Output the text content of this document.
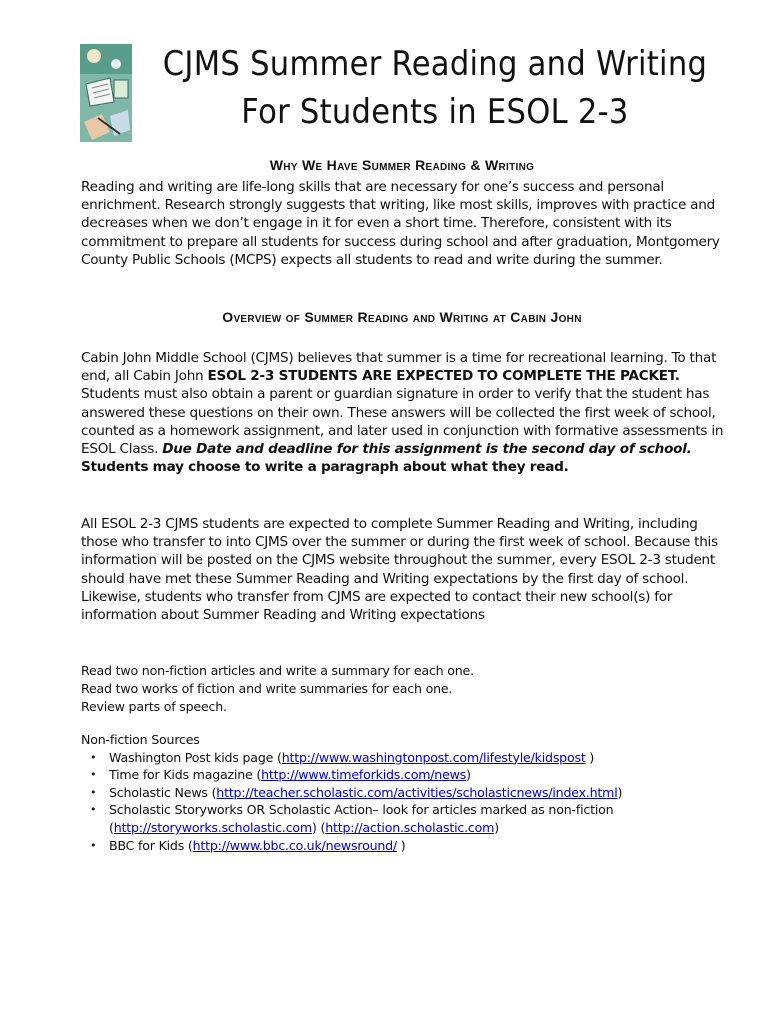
CJMS Summer Reading and Writing
For Students in ESOL 2-3
Why We Have Summer Reading & Writing

Reading and writing are life-long skills that are necessary for one’s success and personal enrichment. Research strongly suggests that writing, like most skills, improves with practice and decreases when we don’t engage in it for even a short time. Therefore, consistent with its commitment to prepare all students for success during school and after graduation, Montgomery County Public Schools (MCPS) expects all students to read and write during the summer.

Overview of Summer Reading and Writing at Cabin John

Cabin John Middle School (CJMS) believes that summer is a time for recreational learning. To that end, all Cabin John ESOL 2-3 STUDENTS ARE EXPECTED TO COMPLETE THE PACKET. Students must also obtain a parent or guardian signature in order to verify that the student has answered these questions on their own. These answers will be collected the first week of school, counted as a homework assignment, and later used in conjunction with formative assessments in ESOL Class. Due Date and deadline for this assignment is the second day of school. Students may choose to write a paragraph about what they read.

All ESOL 2-3 CJMS students are expected to complete Summer Reading and Writing, including those who transfer to into CJMS over the summer or during the first week of school. Because this information will be posted on the CJMS website throughout the summer, every ESOL 2-3 student should have met these Summer Reading and Writing expectations by the first day of school. Likewise, students who transfer from CJMS are expected to contact their new school(s) for information about Summer Reading and Writing expectations

Read two non-fiction articles and write a summary for each one.
Read two works of fiction and write summaries for each one.
Review parts of speech.
Non-fiction Sources
• Washington Post kids page (http://www.washingtonpost.com/lifestyle/kidspost )
• Time for Kids magazine (http://www.timeforkids.com/news)
• Scholastic News (http://teacher.scholastic.com/activities/scholasticnews/index.html)
• Scholastic Storyworks OR Scholastic Action– look for articles marked as non-fiction (http://storyworks.scholastic.com) (http://action.scholastic.com)
• BBC for Kids (http://www.bbc.co.uk/newsround/ )
